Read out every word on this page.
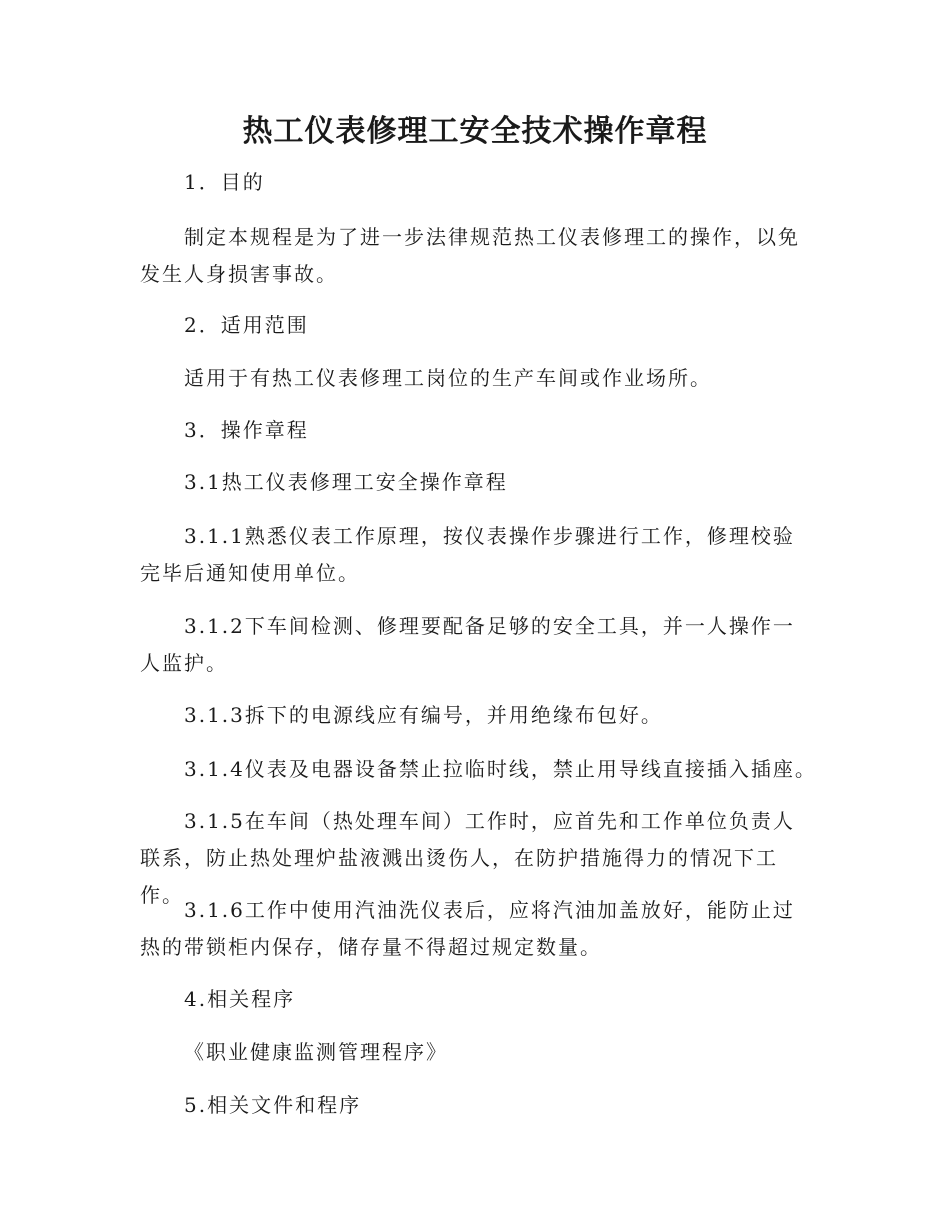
热工仪表修理工安全技术操作章程
1．目的
制定本规程是为了进一步法律规范热工仪表修理工的操作，以免发生人身损害事故。
2．适用范围
适用于有热工仪表修理工岗位的生产车间或作业场所。
3．操作章程
3.1热工仪表修理工安全操作章程
3.1.1熟悉仪表工作原理，按仪表操作步骤进行工作，修理校验完毕后通知使用单位。
3.1.2下车间检测、修理要配备足够的安全工具，并一人操作一人监护。
3.1.3拆下的电源线应有编号，并用绝缘布包好。
3.1.4仪表及电器设备禁止拉临时线，禁止用导线直接插入插座。
3.1.5在车间（热处理车间）工作时，应首先和工作单位负责人联系，防止热处理炉盐液溅出烫伤人，在防护措施得力的情况下工作。
3.1.6工作中使用汽油洗仪表后，应将汽油加盖放好，能防止过热的带锁柜内保存，储存量不得超过规定数量。
4.相关程序
《职业健康监测管理程序》
5.相关文件和程序
